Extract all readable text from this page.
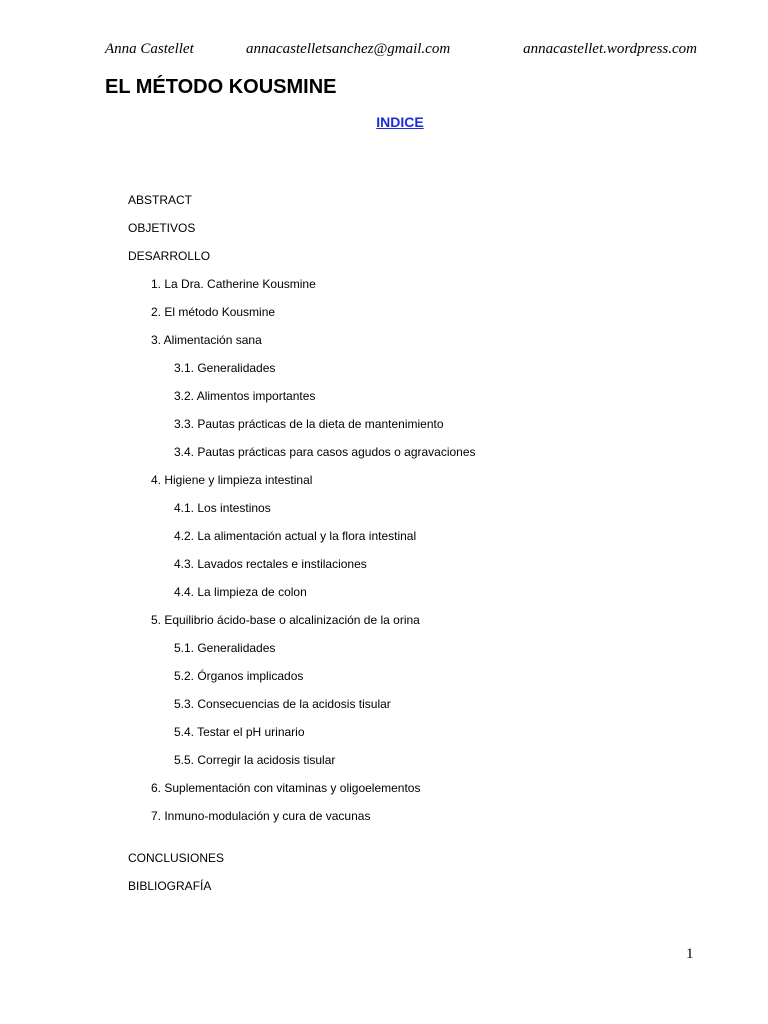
Anna Castellet	annacastelletsanchez@gmail.com	annacastellet.wordpress.com
EL MÉTODO KOUSMINE
INDICE
ABSTRACT
OBJETIVOS
DESARROLLO
1. La Dra. Catherine Kousmine
2. El método Kousmine
3. Alimentación sana
3.1. Generalidades
3.2. Alimentos importantes
3.3. Pautas prácticas de la dieta de mantenimiento
3.4. Pautas prácticas para casos agudos o agravaciones
4. Higiene y limpieza intestinal
4.1. Los intestinos
4.2. La alimentación actual y la flora intestinal
4.3. Lavados rectales e instilaciones
4.4. La limpieza de colon
5. Equilibrio ácido-base o alcalinización de la orina
5.1. Generalidades
5.2. Órganos implicados
5.3. Consecuencias de la acidosis tisular
5.4. Testar el pH urinario
5.5. Corregir la acidosis tisular
6. Suplementación con vitaminas y oligoelementos
7. Inmuno-modulación y cura de vacunas
CONCLUSIONES
BIBLIOGRAFÍA
1
